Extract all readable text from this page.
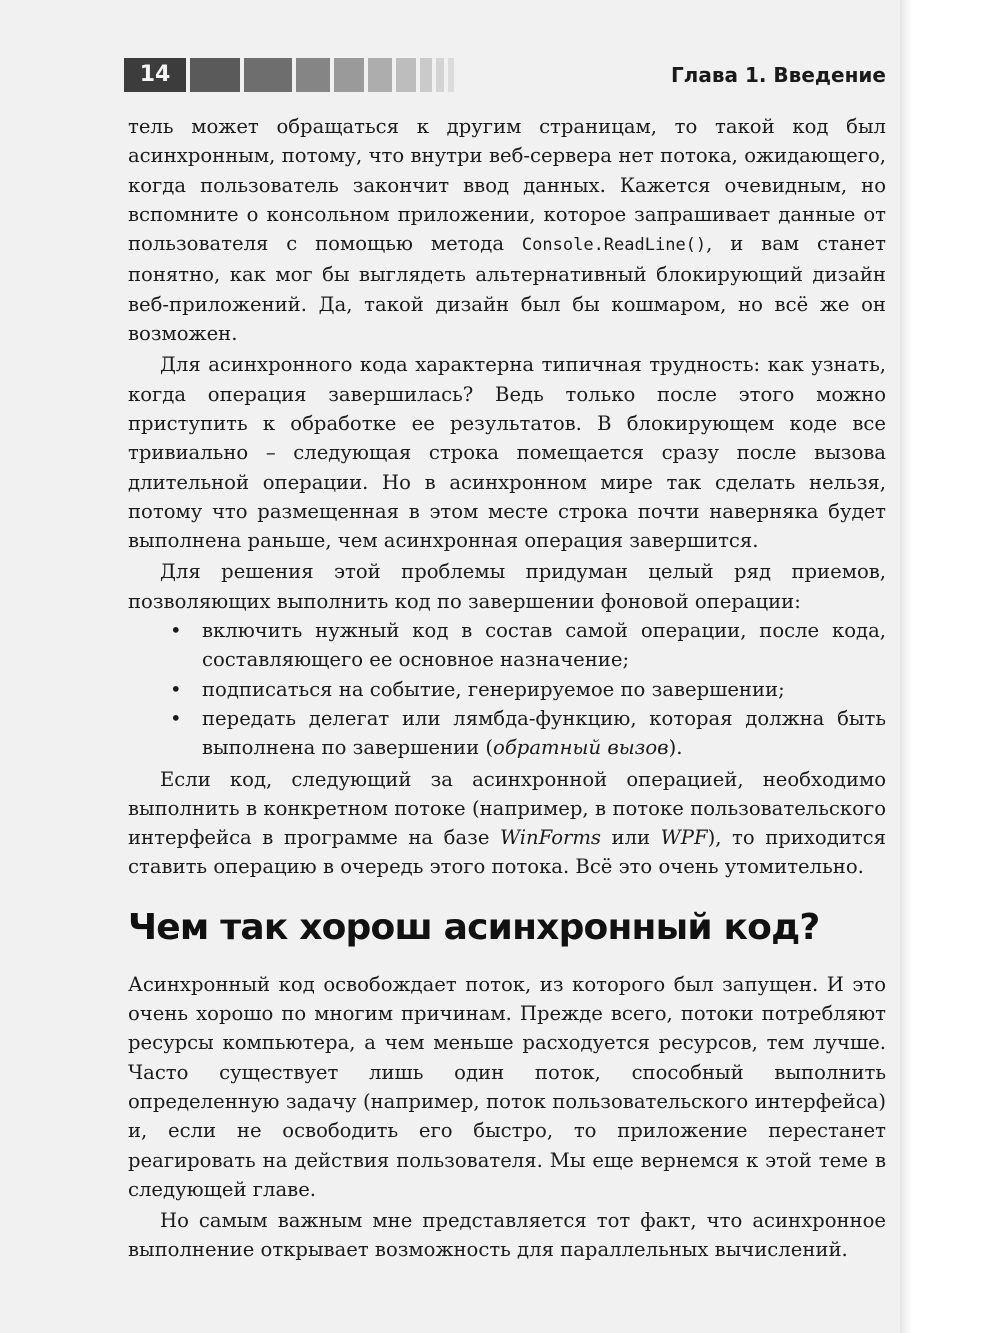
14	Глава 1. Введение

тель может обращаться к другим страницам, то такой код был асинхронным, потому, что внутри веб-сервера нет потока, ожидающего, когда пользователь закончит ввод данных. Кажется очевидным, но вспомните о консольном приложении, которое запрашивает данные от пользователя с помощью метода Console.ReadLine(), и вам станет понятно, как мог бы выглядеть альтернативный блокирующий дизайн веб-приложений. Да, такой дизайн был бы кошмаром, но всё же он возможен.

Для асинхронного кода характерна типичная трудность: как узнать, когда операция завершилась? Ведь только после этого можно приступить к обработке ее результатов. В блокирующем коде все тривиально – следующая строка помещается сразу после вызова длительной операции. Но в асинхронном мире так сделать нельзя, потому что размещенная в этом месте строка почти наверняка будет выполнена раньше, чем асинхронная операция завершится.

Для решения этой проблемы придуман целый ряд приемов, позволяющих выполнить код по завершении фоновой операции:

• включить нужный код в состав самой операции, после кода, составляющего ее основное назначение;
• подписаться на событие, генерируемое по завершении;
• передать делегат или лямбда-функцию, которая должна быть выполнена по завершении (обратный вызов).

Если код, следующий за асинхронной операцией, необходимо выполнить в конкретном потоке (например, в потоке пользовательского интерфейса в программе на базе WinForms или WPF), то приходится ставить операцию в очередь этого потока. Всё это очень утомительно.

Чем так хорош асинхронный код?

Асинхронный код освобождает поток, из которого был запущен. И это очень хорошо по многим причинам. Прежде всего, потоки потребляют ресурсы компьютера, а чем меньше расходуется ресурсов, тем лучше. Часто существует лишь один поток, способный выполнить определенную задачу (например, поток пользовательского интерфейса) и, если не освободить его быстро, то приложение перестанет реагировать на действия пользователя. Мы еще вернемся к этой теме в следующей главе.

Но самым важным мне представляется тот факт, что асинхронное выполнение открывает возможность для параллельных вычислений.
